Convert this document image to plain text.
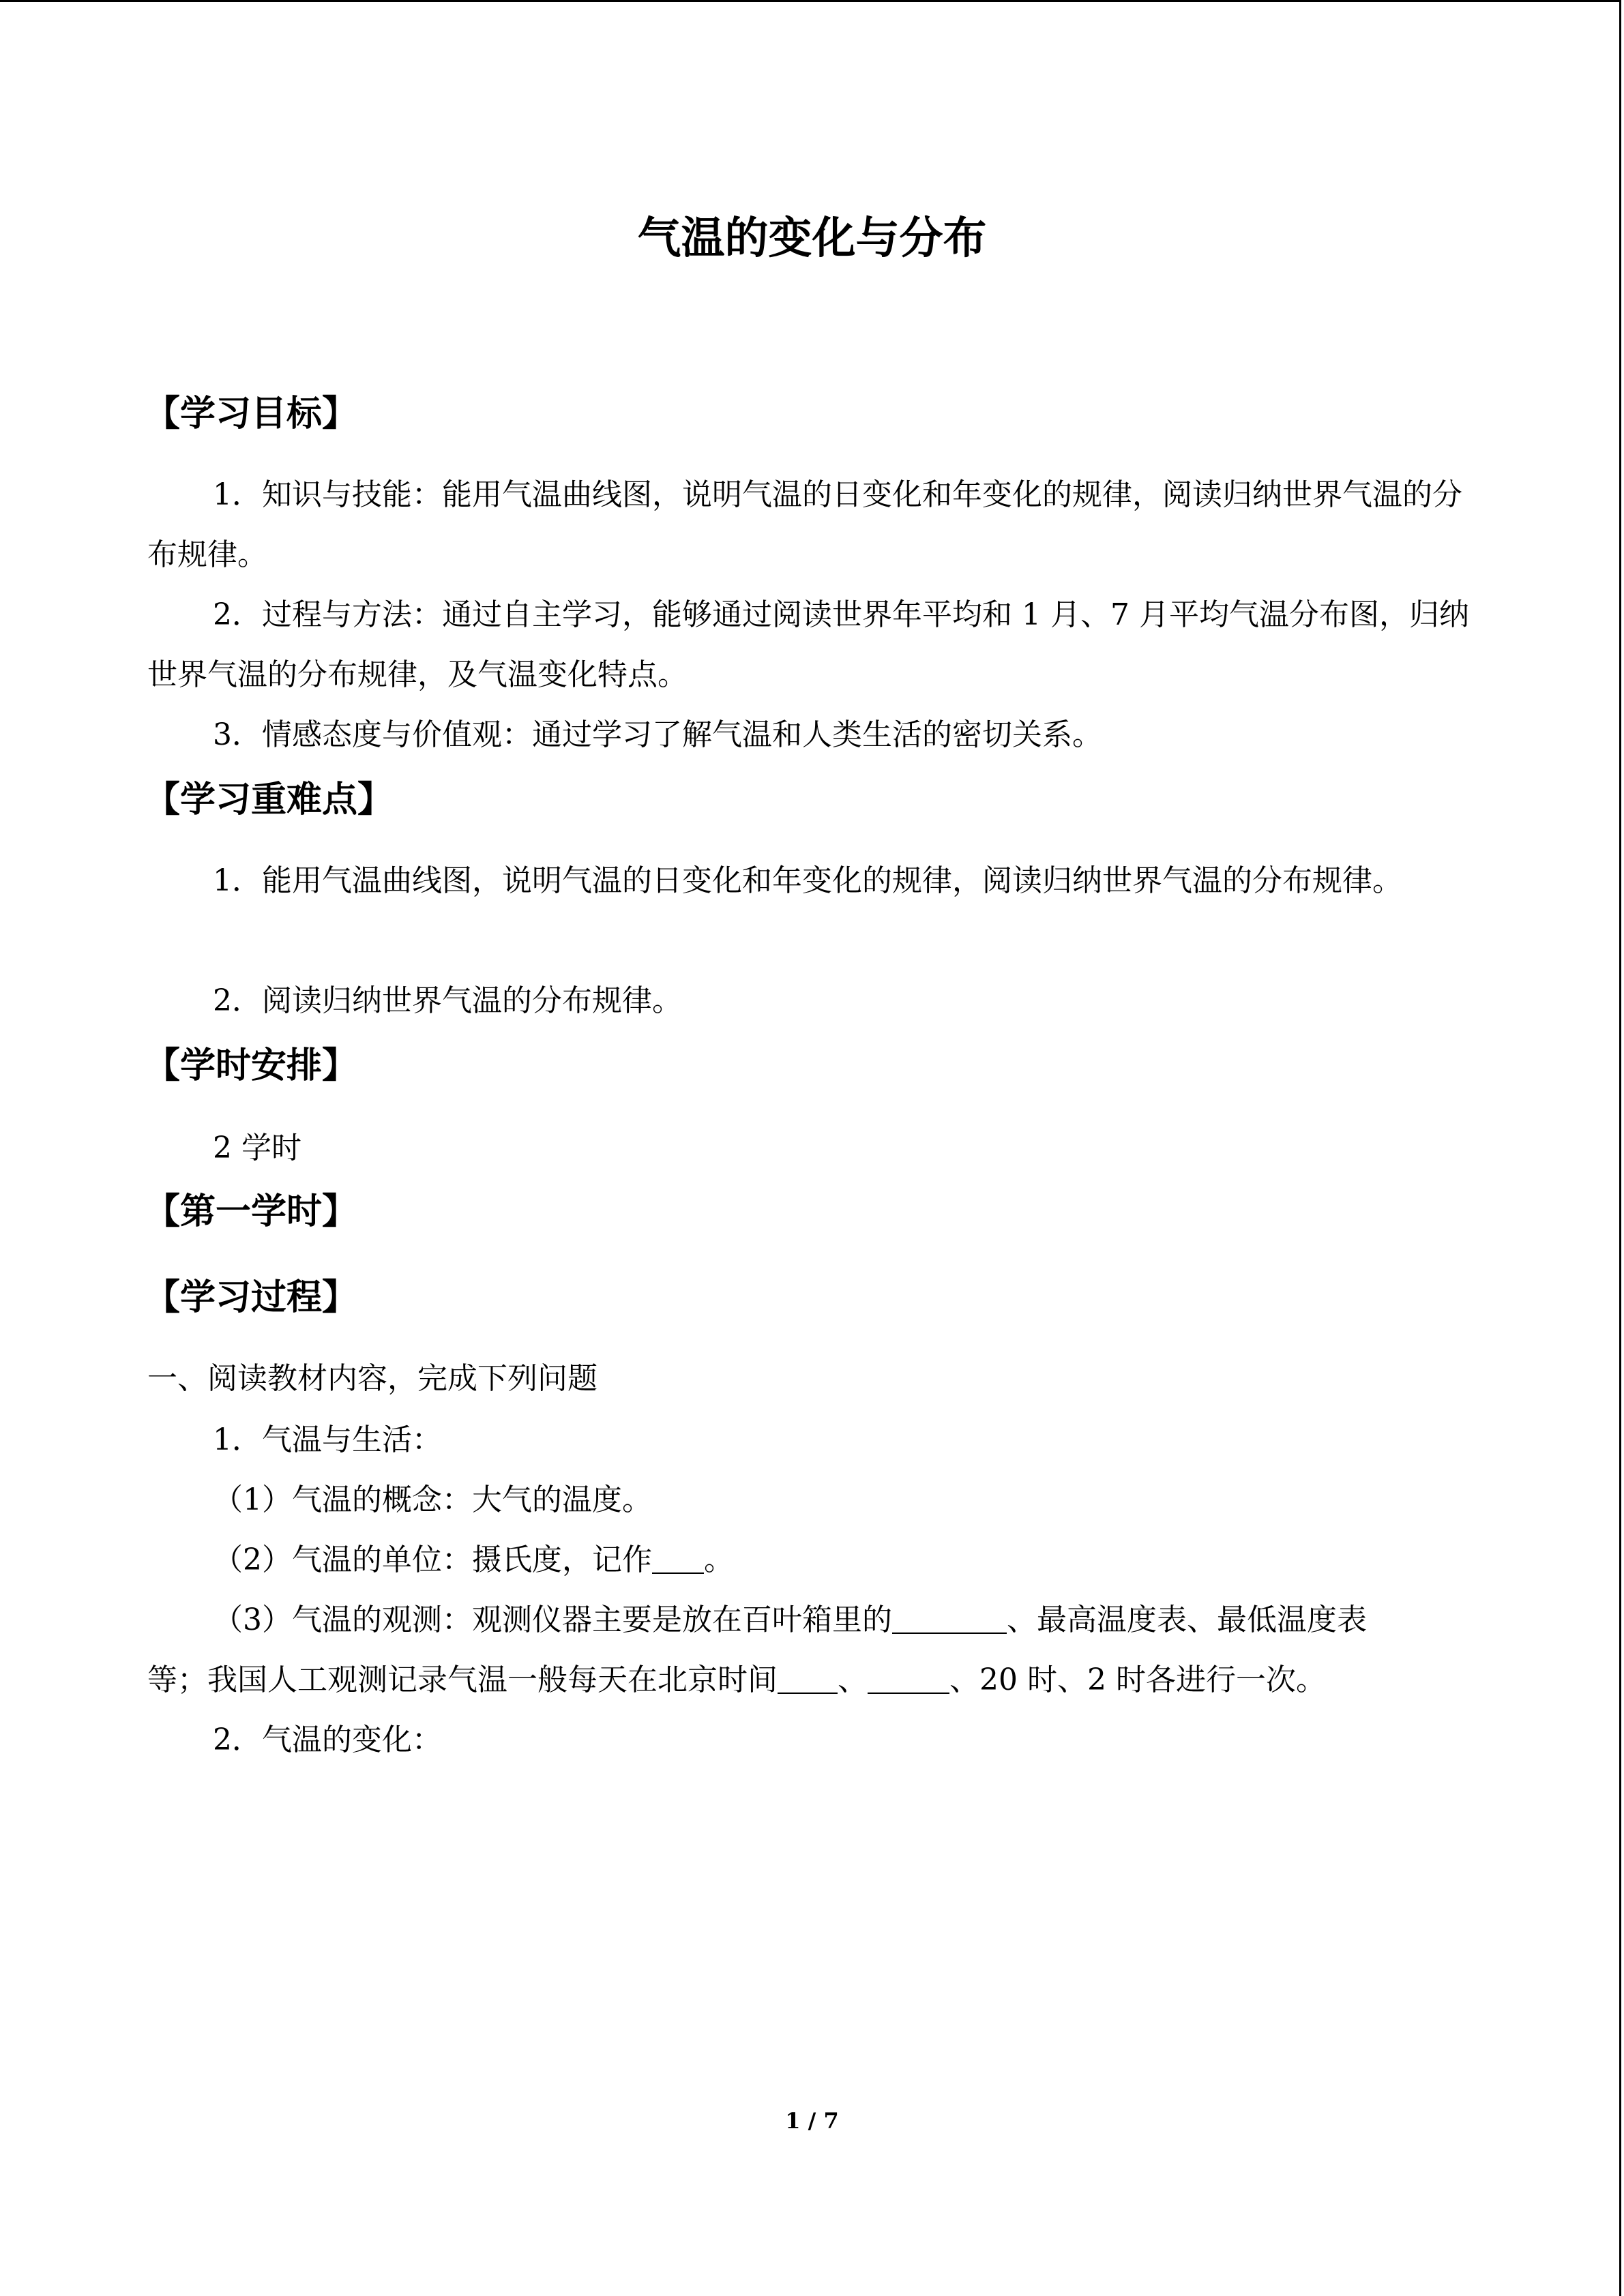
气温的变化与分布
【学习目标】

1．知识与技能：能用气温曲线图，说明气温的日变化和年变化的规律，阅读归纳世界气温的分布规律。

2．过程与方法：通过自主学习，能够通过阅读世界年平均和 1 月、7 月平均气温分布图，归纳世界气温的分布规律，及气温变化特点。

3．情感态度与价值观：通过学习了解气温和人类生活的密切关系。

【学习重难点】

1．能用气温曲线图，说明气温的日变化和年变化的规律，阅读归纳世界气温的分布规律。

2．阅读归纳世界气温的分布规律。

【学时安排】

2 学时

【第一学时】
【学习过程】

一、阅读教材内容，完成下列问题

1．气温与生活：

（1）气温的概念：大气的温度。

（2）气温的单位：摄氏度，记作 。

（3）气温的观测：观测仪器主要是放在百叶箱里的	、最高温度表、最低温度表

等；我国人工观测记录气温一般每天在北京时间 、	、20 时、2 时各进行一次。

2．气温的变化：

1 / 7
